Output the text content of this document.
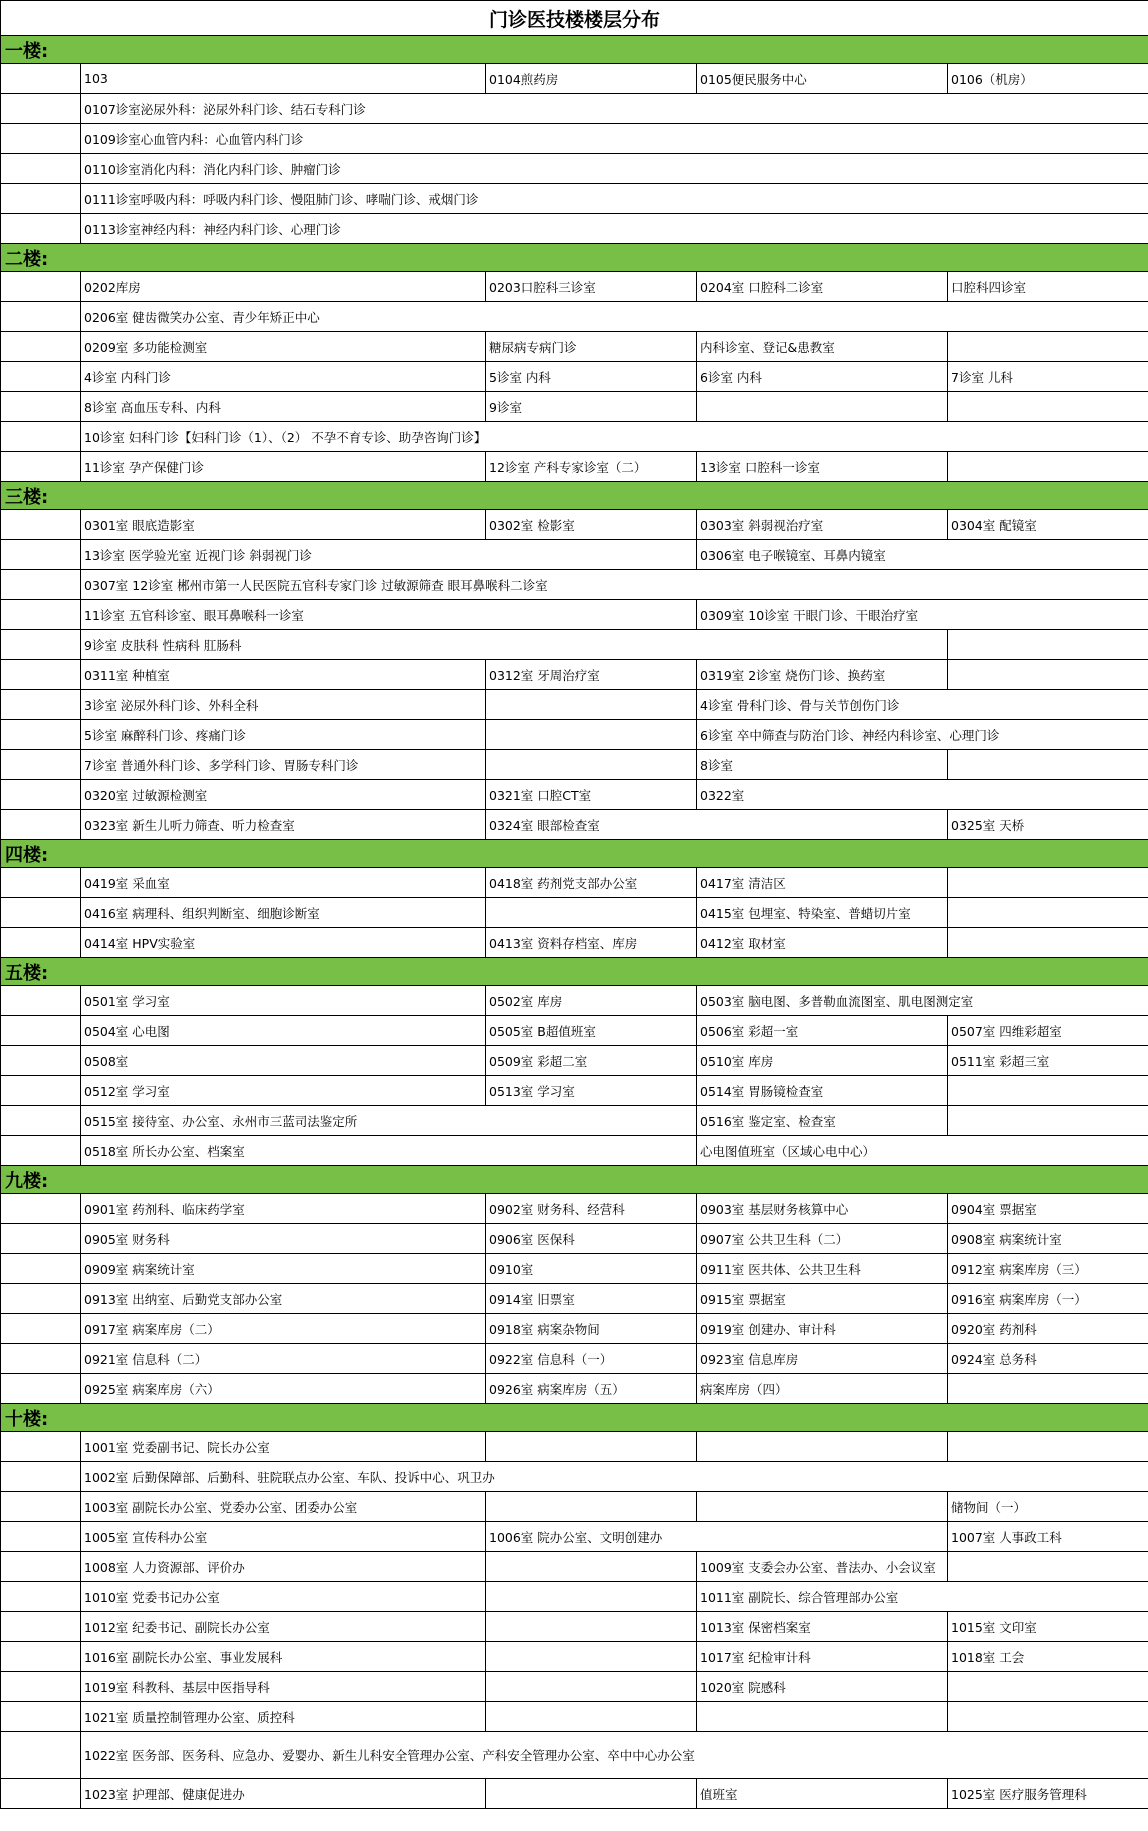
门诊医技楼楼层分布				
一楼:				
	103	0104煎药房	0105便民服务中心	0106（机房）
	0107诊室泌尿外科：泌尿外科门诊、结石专科门诊			
	0109诊室心血管内科：心血管内科门诊			
	0110诊室消化内科：消化内科门诊、肿瘤门诊			
	0111诊室呼吸内科：呼吸内科门诊、慢阻肺门诊、哮喘门诊、戒烟门诊			
	0113诊室神经内科：神经内科门诊、心理门诊			
二楼:				
	0202库房	0203口腔科三诊室	0204室 口腔科二诊室	口腔科四诊室
	0206室 健齿微笑办公室、青少年矫正中心			
	0209室 多功能检测室	糖尿病专病门诊	内科诊室、登记&患教室	
	4诊室 内科门诊	5诊室 内科	6诊室 内科	7诊室 儿科
	8诊室 高血压专科、内科	9诊室		
	10诊室 妇科门诊【妇科门诊（1）、（2） 不孕不育专诊、助孕咨询门诊】			
	11诊室 孕产保健门诊	12诊室 产科专家诊室（二）	13诊室 口腔科一诊室	
三楼:				
	0301室 眼底造影室	0302室 检影室	0303室 斜弱视治疗室	0304室 配镜室
	13诊室 医学验光室 近视门诊 斜弱视门诊		0306室 电子喉镜室、耳鼻内镜室	
	0307室 12诊室 郴州市第一人民医院五官科专家门诊 过敏源筛查 眼耳鼻喉科二诊室			
	11诊室 五官科诊室、眼耳鼻喉科一诊室		0309室 10诊室 干眼门诊、干眼治疗室	
	9诊室 皮肤科 性病科 肛肠科			
	0311室 种植室	0312室 牙周治疗室	0319室 2诊室 烧伤门诊、换药室	
	3诊室 泌尿外科门诊、外科全科		4诊室 骨科门诊、骨与关节创伤门诊	
	5诊室 麻醉科门诊、疼痛门诊		6诊室 卒中筛查与防治门诊、神经内科诊室、心理门诊	
	7诊室 普通外科门诊、多学科门诊、胃肠专科门诊		8诊室	
	0320室 过敏源检测室	0321室 口腔CT室	0322室	
	0323室 新生儿听力筛查、听力检查室	0324室 眼部检查室		0325室 天桥
四楼:				
	0419室 采血室	0418室 药剂党支部办公室	0417室 清洁区	
	0416室 病理科、组织判断室、细胞诊断室		0415室 包埋室、特染室、普蜡切片室	
	0414室 HPV实验室	0413室 资料存档室、库房	0412室 取材室	
五楼:				
	0501室 学习室	0502室 库房	0503室 脑电图、多普勒血流图室、肌电图测定室	
	0504室 心电图	0505室 B超值班室	0506室 彩超一室	0507室 四维彩超室
	0508室	0509室 彩超二室	0510室 库房	0511室 彩超三室
	0512室 学习室	0513室 学习室	0514室 胃肠镜检查室	
	0515室 接待室、办公室、永州市三蓝司法鉴定所		0516室 鉴定室、检查室	
	0518室 所长办公室、档案室		心电图值班室（区域心电中心）	
九楼:				
	0901室 药剂科、临床药学室	0902室 财务科、经营科	0903室 基层财务核算中心	0904室 票据室
	0905室 财务科	0906室 医保科	0907室 公共卫生科（二）	0908室 病案统计室
	0909室 病案统计室	0910室	0911室 医共体、公共卫生科	0912室 病案库房（三）
	0913室 出纳室、后勤党支部办公室	0914室 旧票室	0915室 票据室	0916室 病案库房（一）
	0917室 病案库房（二）	0918室 病案杂物间	0919室 创建办、审计科	0920室 药剂科
	0921室 信息科（二）	0922室 信息科（一）	0923室 信息库房	0924室 总务科
	0925室 病案库房（六）	0926室 病案库房（五）	病案库房（四）	
十楼:				
	1001室 党委副书记、院长办公室			
	1002室 后勤保障部、后勤科、驻院联点办公室、车队、投诉中心、巩卫办			
	1003室 副院长办公室、党委办公室、团委办公室			储物间（一）
	1005室 宣传科办公室	1006室 院办公室、文明创建办		1007室 人事政工科
	1008室 人力资源部、评价办		1009室 支委会办公室、普法办、小会议室	
	1010室 党委书记办公室		1011室 副院长、综合管理部办公室	
	1012室 纪委书记、副院长办公室		1013室 保密档案室	1015室 文印室
	1016室 副院长办公室、事业发展科		1017室 纪检审计科	1018室 工会
	1019室 科教科、基层中医指导科		1020室 院感科	
	1021室 质量控制管理办公室、质控科			
	1022室 医务部、医务科、应急办、爱婴办、新生儿科安全管理办公室、产科安全管理办公室、卒中中心办公室			
	1023室 护理部、健康促进办		值班室	1025室 医疗服务管理科
